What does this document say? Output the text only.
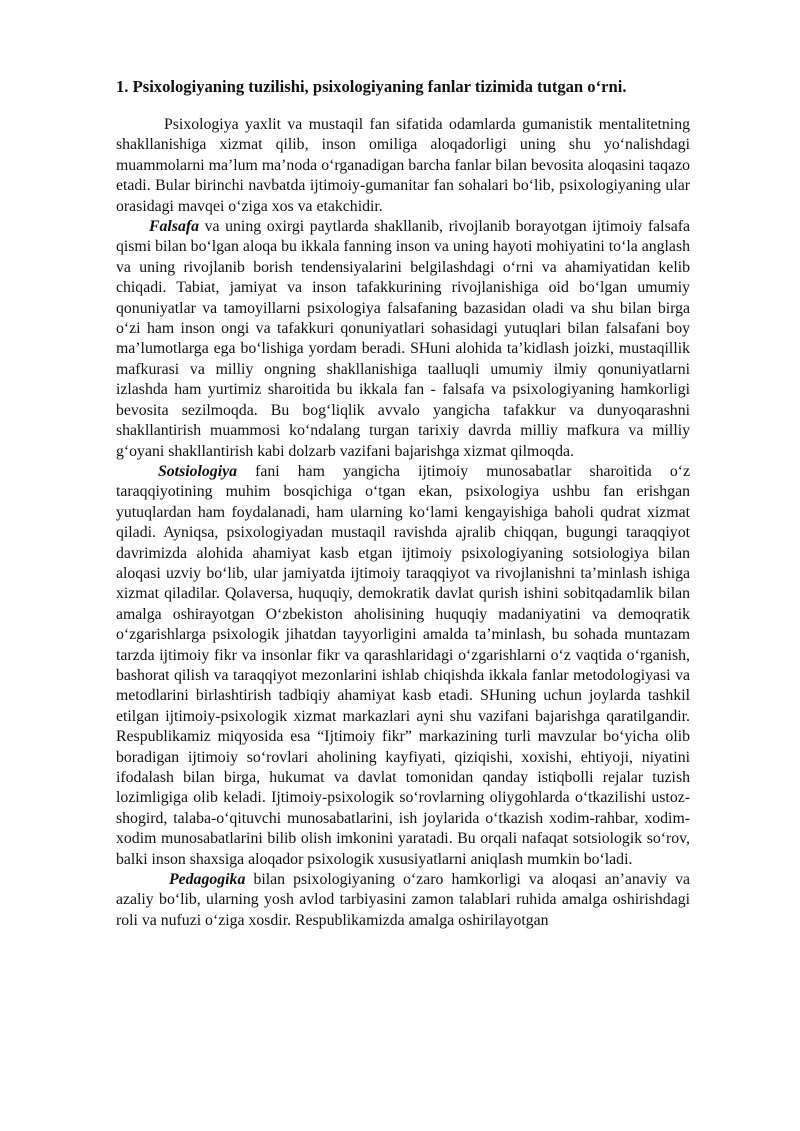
1. Psixologiyaning tuzilishi, psixologiyaning fanlar tizimida tutgan o‘rni.

Psixologiya yaxlit va mustaqil fan sifatida odamlarda gumanistik mentalitetning shakllanishiga xizmat qilib, inson omiliga aloqadorligi uning shu yo‘nalishdagi muammolarni ma’lum ma’noda o‘rganadigan barcha fanlar bilan bevosita aloqasini taqazo etadi. Bular birinchi navbatda ijtimoiy-gumanitar fan sohalari bo‘lib, psixologiyaning ular orasidagi mavqei o‘ziga xos va etakchidir.

Falsafa va uning oxirgi paytlarda shakllanib, rivojlanib borayotgan ijtimoiy falsafa qismi bilan bo‘lgan aloqa bu ikkala fanning inson va uning hayoti mohiyatini to‘la anglash va uning rivojlanib borish tendensiyalarini belgilashdagi o‘rni va ahamiyatidan kelib chiqadi. Tabiat, jamiyat va inson tafakkurining rivojlanishiga oid bo‘lgan umumiy qonuniyatlar va tamoyillarni psixologiya falsafaning bazasidan oladi va shu bilan birga o‘zi ham inson ongi va tafakkuri qonuniyatlari sohasidagi yutuqlari bilan falsafani boy ma’lumotlarga ega bo‘lishiga yordam beradi. SHuni alohida ta’kidlash joizki, mustaqillik mafkurasi va milliy ongning shakllanishiga taalluqli umumiy ilmiy qonuniyatlarni izlashda ham yurtimiz sharoitida bu ikkala fan - falsafa va psixologiyaning hamkorligi bevosita sezilmoqda. Bu bog‘liqlik avvalo yangicha tafakkur va dunyoqarashni shakllantirish muammosi ko‘ndalang turgan tarixiy davrda milliy mafkura va milliy g‘oyani shakllantirish kabi dolzarb vazifani bajarishga xizmat qilmoqda.

Sotsiologiya fani ham yangicha ijtimoiy munosabatlar sharoitida o‘z taraqqiyotining muhim bosqichiga o‘tgan ekan, psixologiya ushbu fan erishgan yutuqlardan ham foydalanadi, ham ularning ko‘lami kengayishiga baholi qudrat xizmat qiladi. Ayniqsa, psixologiyadan mustaqil ravishda ajralib chiqqan, bugungi taraqqiyot davrimizda alohida ahamiyat kasb etgan ijtimoiy psixologiyaning sotsiologiya bilan aloqasi uzviy bo‘lib, ular jamiyatda ijtimoiy taraqqiyot va rivojlanishni ta’minlash ishiga xizmat qiladilar. Qolaversa, huquqiy, demokratik davlat qurish ishini sobitqadamlik bilan amalga oshirayotgan O‘zbekiston aholisining huquqiy madaniyatini va demoqratik o‘zgarishlarga psixologik jihatdan tayyorligini amalda ta’minlash, bu sohada muntazam tarzda ijtimoiy fikr va insonlar fikr va qarashlaridagi o‘zgarishlarni o‘z vaqtida o‘rganish, bashorat qilish va taraqqiyot mezonlarini ishlab chiqishda ikkala fanlar metodologiyasi va metodlarini birlashtirish tadbiqiy ahamiyat kasb etadi. SHuning uchun joylarda tashkil etilgan ijtimoiy-psixologik xizmat markazlari ayni shu vazifani bajarishga qaratilgandir. Respublikamiz miqyosida esa “Ijtimoiy fikr” markazining turli mavzular bo‘yicha olib boradigan ijtimoiy so‘rovlari aholining kayfiyati, qiziqishi, xoxishi, ehtiyoji, niyatini ifodalash bilan birga, hukumat va davlat tomonidan qanday istiqbolli rejalar tuzish lozimligiga olib keladi. Ijtimoiy-psixologik so‘rovlarning oliygohlarda o‘tkazilishi ustoz-shogird, talaba-o‘qituvchi munosabatlarini, ish joylarida o‘tkazish xodim-rahbar, xodim-xodim munosabatlarini bilib olish imkonini yaratadi. Bu orqali nafaqat sotsiologik so‘rov, balki inson shaxsiga aloqador psixologik xususiyatlarni aniqlash mumkin bo‘ladi.

Pedagogika bilan psixologiyaning o‘zaro hamkorligi va aloqasi an’anaviy va azaliy bo‘lib, ularning yosh avlod tarbiyasini zamon talablari ruhida amalga oshirishdagi roli va nufuzi o‘ziga xosdir. Respublikamizda amalga oshirilayotgan
